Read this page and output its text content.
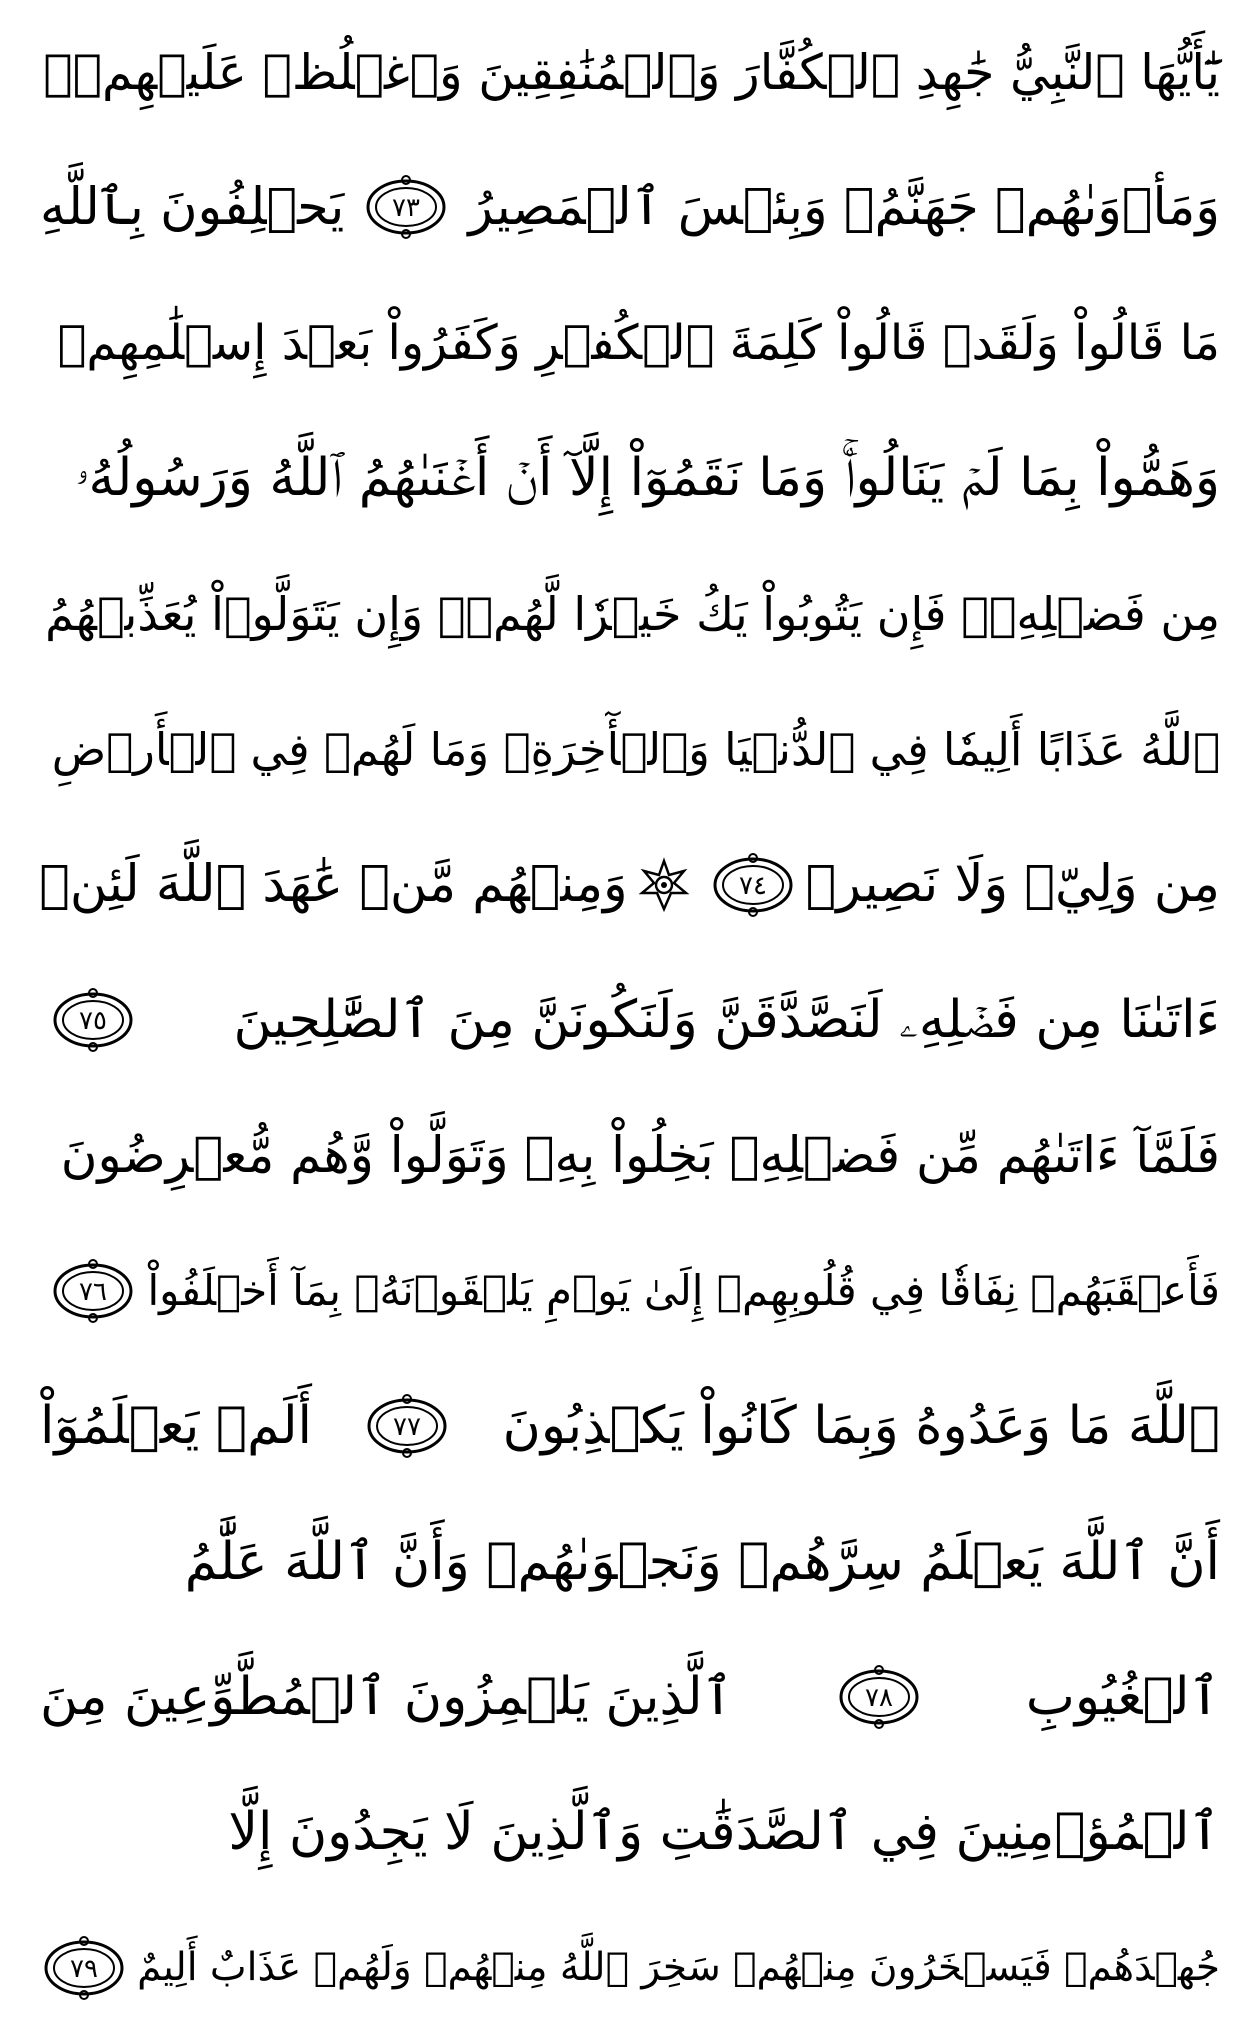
يَٰٓأَيُّهَا ٱلنَّبِيُّ جَٰهِدِ ٱلۡكُفَّارَ وَٱلۡمُنَٰفِقِينَ وَٱغۡلُظۡ عَلَيۡهِمۡۚ
وَمَأۡوَىٰهُمۡ جَهَنَّمُۖ وَبِئۡسَ ٱلۡمَصِيرُ
٧٣
يَحۡلِفُونَ بِٱللَّهِ
مَا قَالُواْ وَلَقَدۡ قَالُواْ كَلِمَةَ ٱلۡكُفۡرِ وَكَفَرُواْ بَعۡدَ إِسۡلَٰمِهِمۡ
وَهَمُّواْ بِمَا لَمۡ يَنَالُواْۚ وَمَا نَقَمُوٓاْ إِلَّآ أَنۡ أَغۡنَىٰهُمُ ٱللَّهُ وَرَسُولُهُۥ
مِن فَضۡلِهِۦۚ فَإِن يَتُوبُواْ يَكُ خَيۡرٗا لَّهُمۡۖ وَإِن يَتَوَلَّوۡاْ يُعَذِّبۡهُمُ
ٱللَّهُ عَذَابًا أَلِيمٗا فِي ٱلدُّنۡيَا وَٱلۡأٓخِرَةِۚ وَمَا لَهُمۡ فِي ٱلۡأَرۡضِ
مِن وَلِيّٖ وَلَا نَصِيرٖ
٧٤
وَمِنۡهُم مَّنۡ عَٰهَدَ ٱللَّهَ لَئِنۡ
ءَاتَىٰنَا مِن فَضۡلِهِۦ لَنَصَّدَّقَنَّ وَلَنَكُونَنَّ مِنَ ٱلصَّٰلِحِينَ
٧٥
فَلَمَّآ ءَاتَىٰهُم مِّن فَضۡلِهِۦ بَخِلُواْ بِهِۦ وَتَوَلَّواْ وَّهُم مُّعۡرِضُونَ
فَأَعۡقَبَهُمۡ نِفَاقٗا فِي قُلُوبِهِمۡ إِلَىٰ يَوۡمِ يَلۡقَوۡنَهُۥ بِمَآ أَخۡلَفُواْ
٧٦
ٱللَّهَ مَا وَعَدُوهُ وَبِمَا كَانُواْ يَكۡذِبُونَ
٧٧
أَلَمۡ يَعۡلَمُوٓاْ
أَنَّ ٱللَّهَ يَعۡلَمُ سِرَّهُمۡ وَنَجۡوَىٰهُمۡ وَأَنَّ ٱللَّهَ عَلَّٰمُ
ٱلۡغُيُوبِ
٧٨
ٱلَّذِينَ يَلۡمِزُونَ ٱلۡمُطَّوِّعِينَ مِنَ
ٱلۡمُؤۡمِنِينَ فِي ٱلصَّدَقَٰتِ وَٱلَّذِينَ لَا يَجِدُونَ إِلَّا
جُهۡدَهُمۡ فَيَسۡخَرُونَ مِنۡهُمۡ سَخِرَ ٱللَّهُ مِنۡهُمۡ وَلَهُمۡ عَذَابٌ أَلِيمٌ
٧٩
